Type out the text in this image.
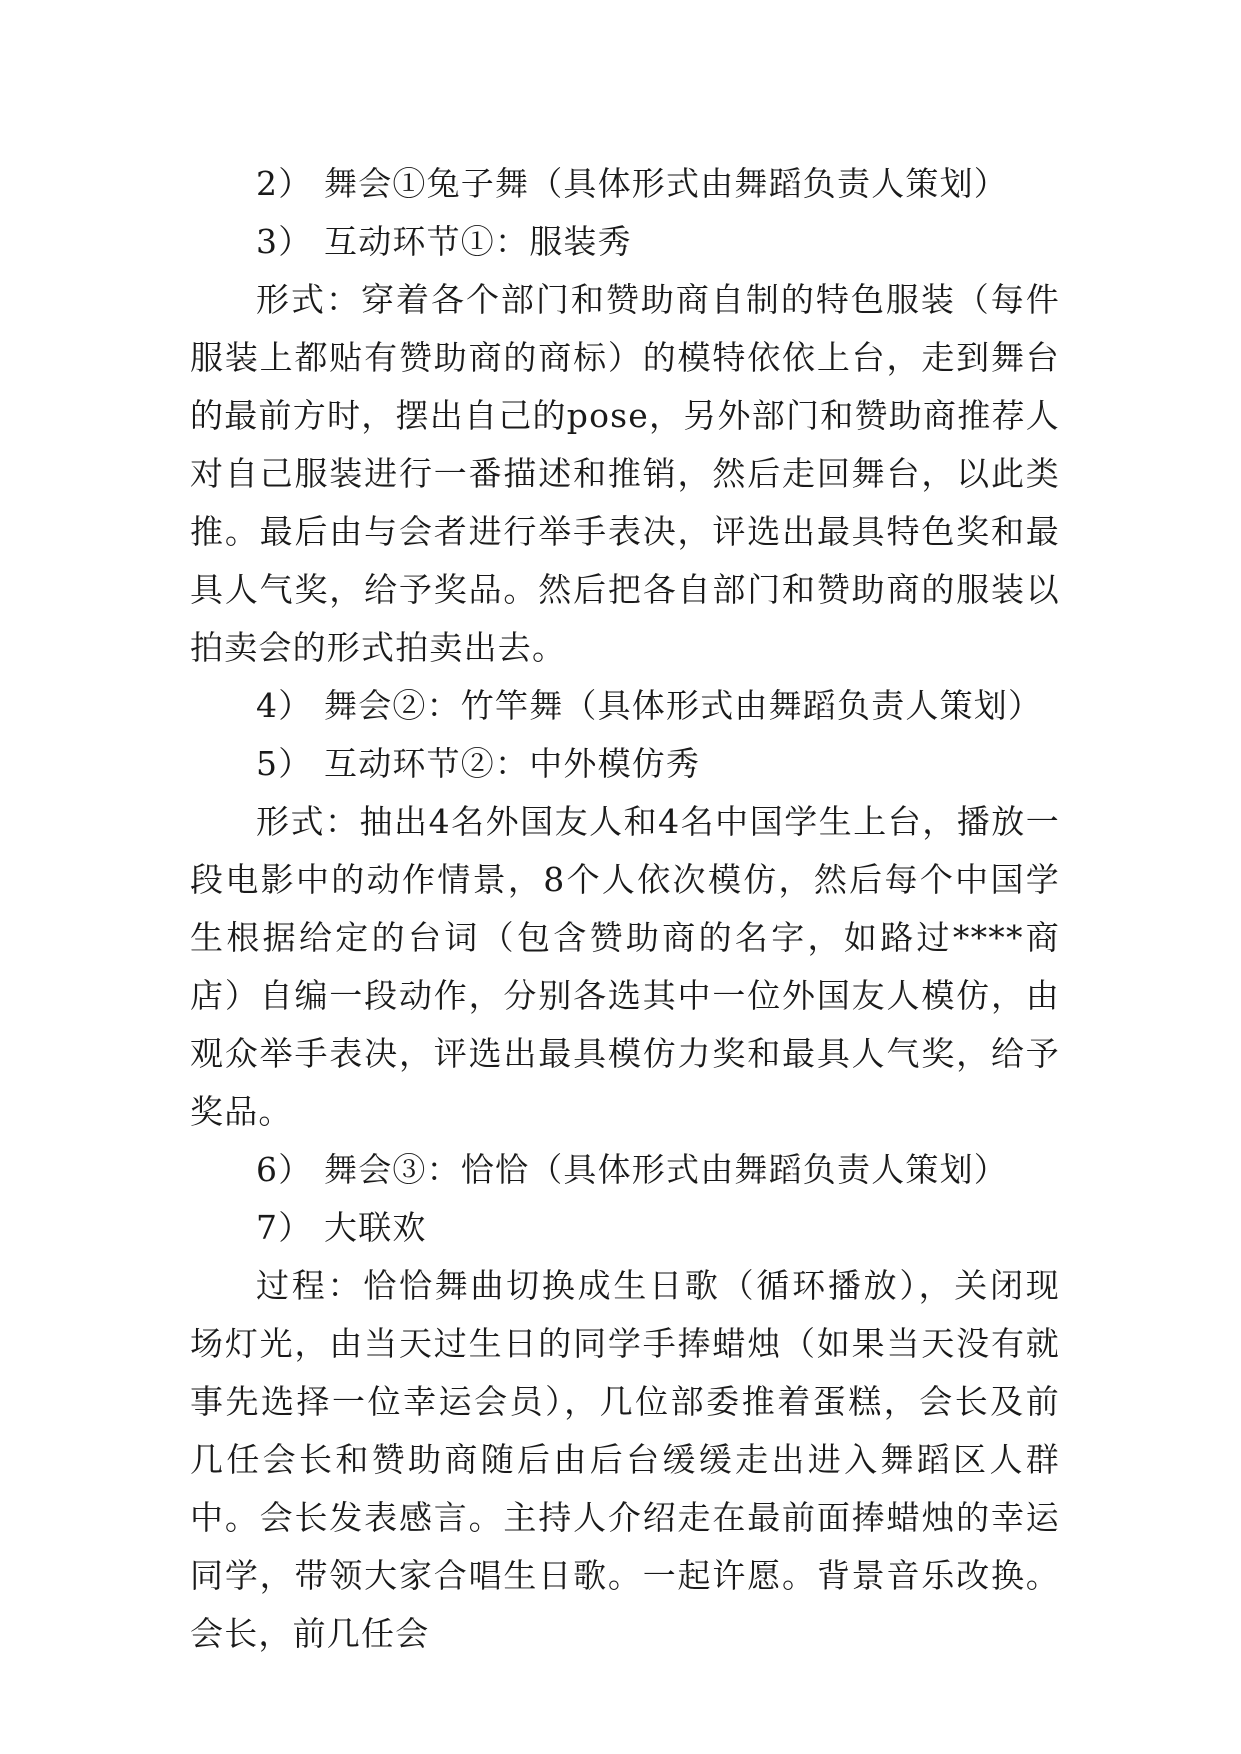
2） 舞会①兔子舞（具体形式由舞蹈负责人策划）

3） 互动环节①：服装秀

形式：穿着各个部门和赞助商自制的特色服装（每件服装上都贴有赞助商的商标）的模特依依上台，走到舞台的最前方时，摆出自己的pose，另外部门和赞助商推荐人对自己服装进行一番描述和推销，然后走回舞台，以此类推。最后由与会者进行举手表决，评选出最具特色奖和最具人气奖，给予奖品。然后把各自部门和赞助商的服装以拍卖会的形式拍卖出去。

4） 舞会②：竹竿舞（具体形式由舞蹈负责人策划）

5） 互动环节②：中外模仿秀

形式：抽出4名外国友人和4名中国学生上台，播放一段电影中的动作情景，8个人依次模仿，然后每个中国学生根据给定的台词（包含赞助商的名字，如路过****商店）自编一段动作，分别各选其中一位外国友人模仿，由观众举手表决，评选出最具模仿力奖和最具人气奖，给予奖品。

6） 舞会③：恰恰（具体形式由舞蹈负责人策划）

7） 大联欢

过程：恰恰舞曲切换成生日歌（循环播放），关闭现场灯光，由当天过生日的同学手捧蜡烛（如果当天没有就事先选择一位幸运会员），几位部委推着蛋糕，会长及前几任会长和赞助商随后由后台缓缓走出进入舞蹈区人群中。会长发表感言。主持人介绍走在最前面捧蜡烛的幸运同学，带领大家合唱生日歌。一起许愿。背景音乐改换。会长，前几任会
